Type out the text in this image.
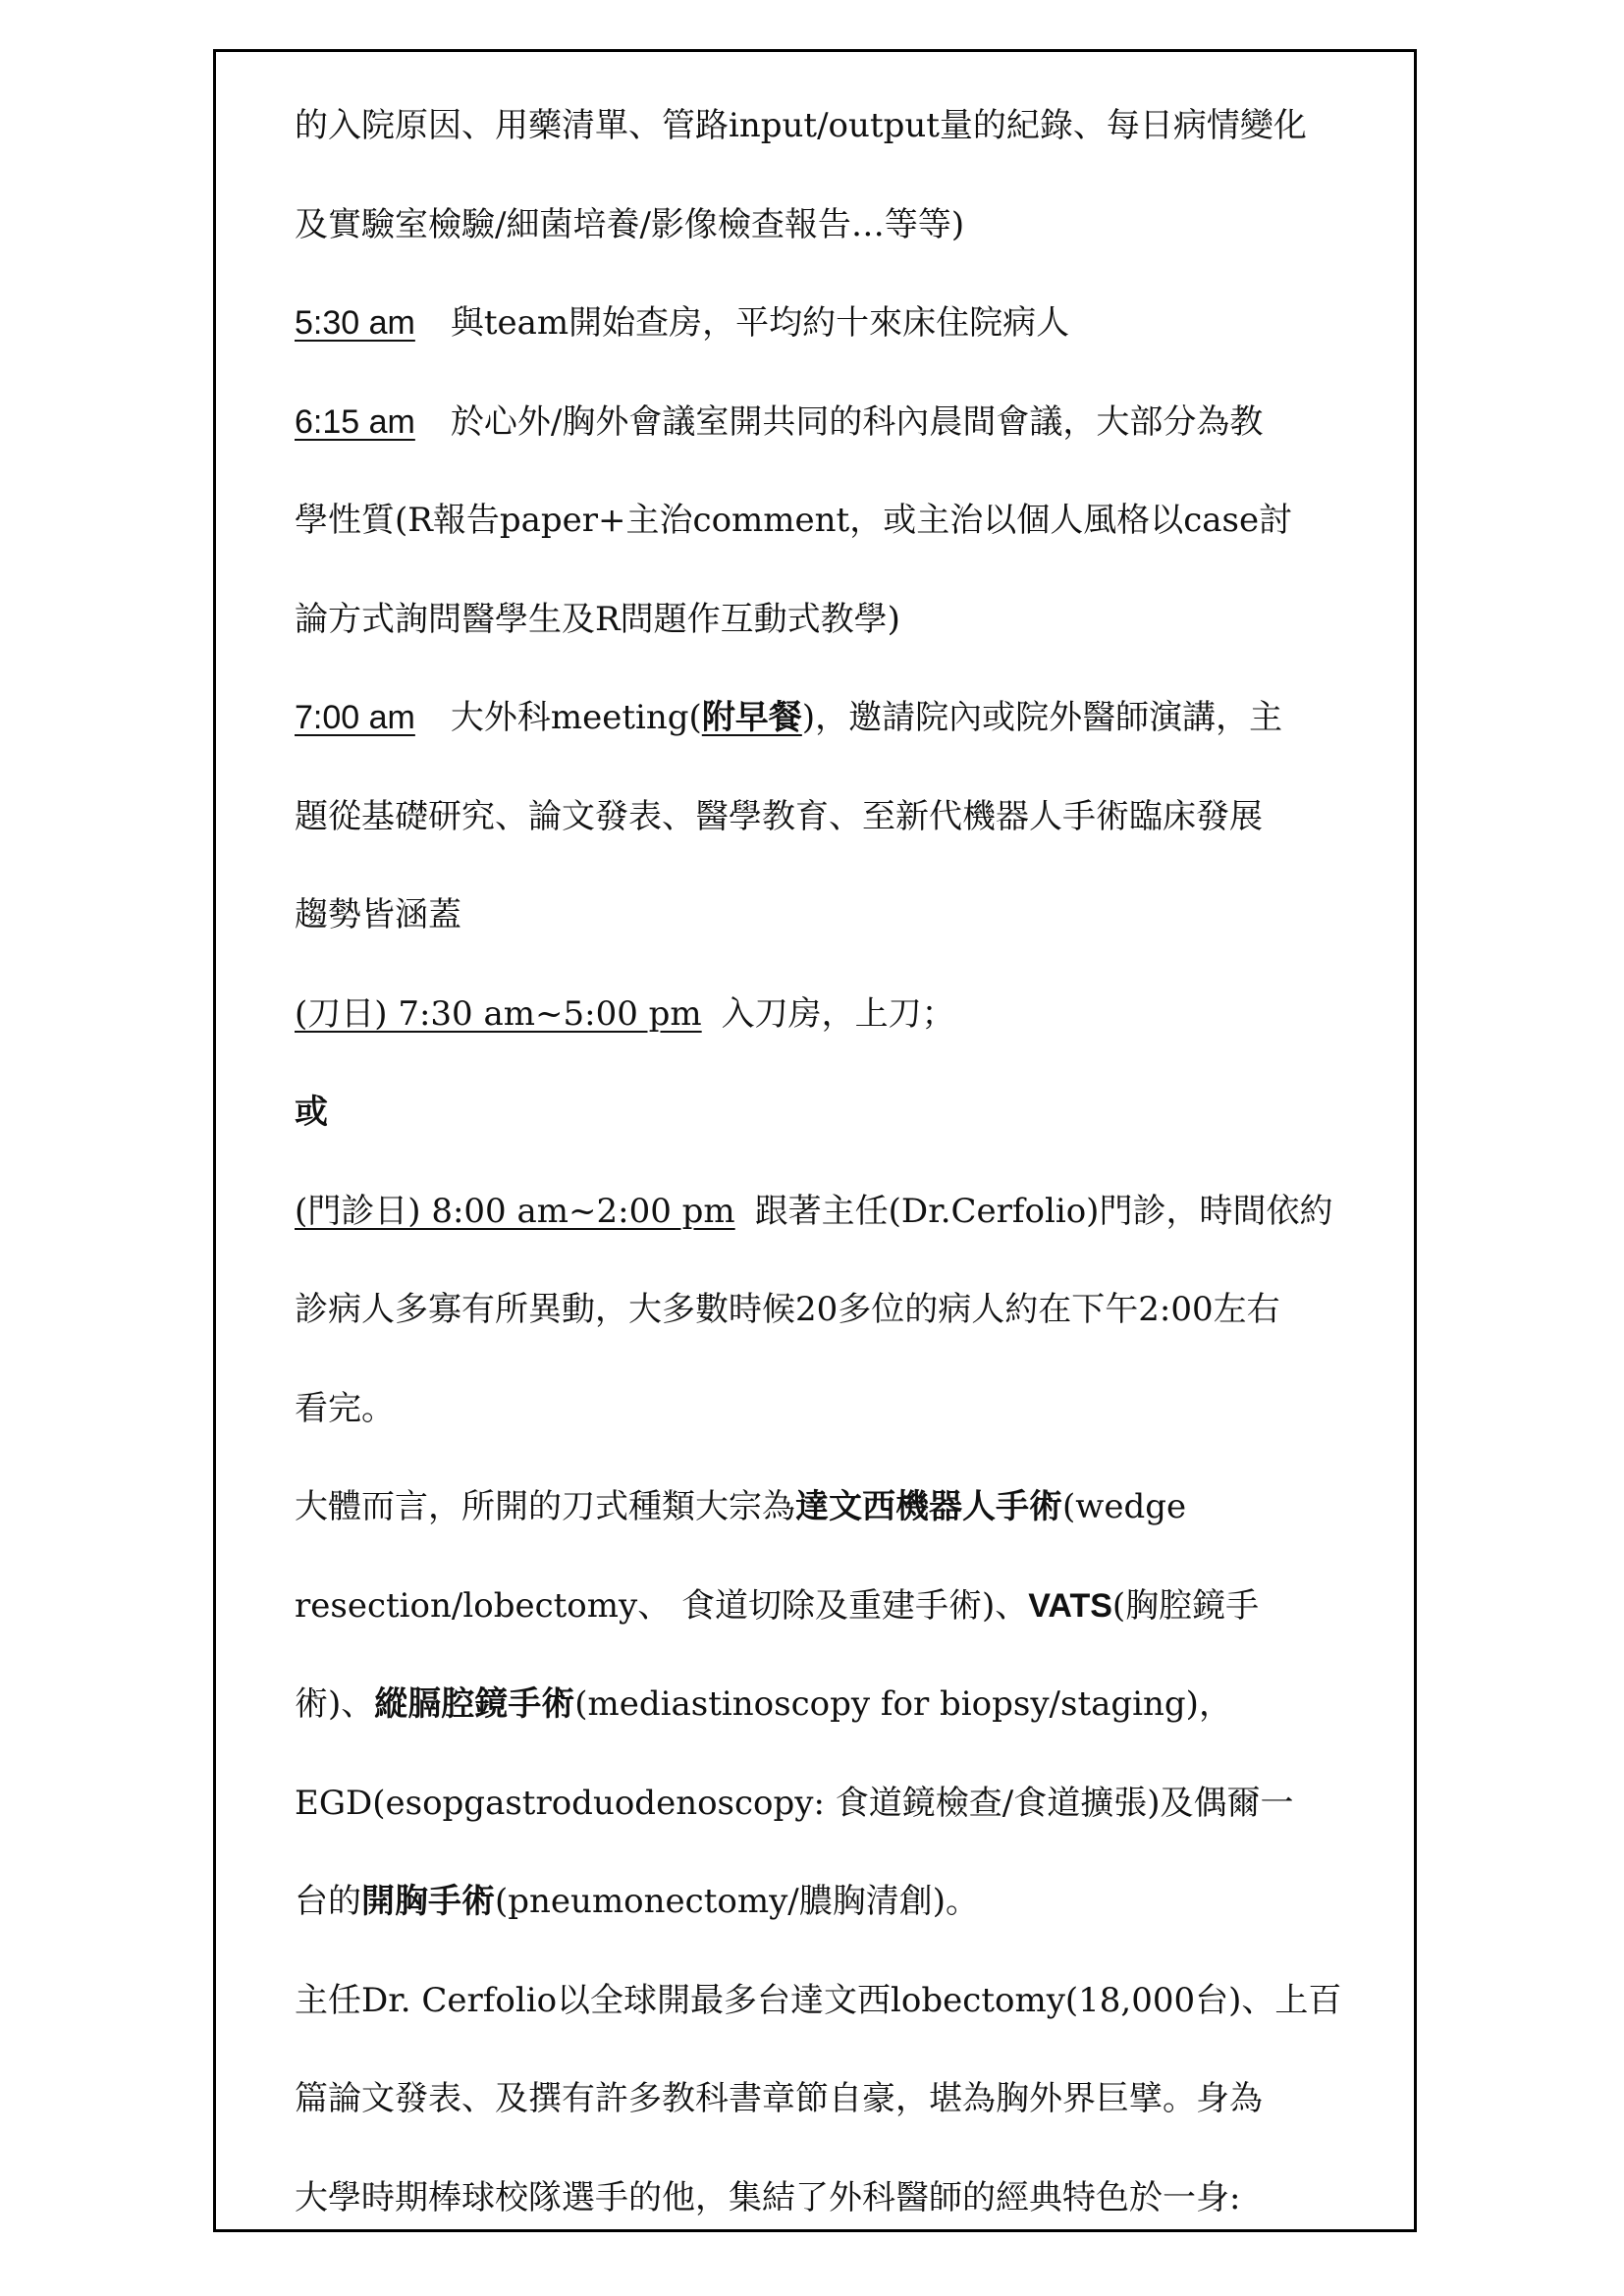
的入院原因、用藥清單、管路input/output量的紀錄、每日病情變化
及實驗室檢驗/細菌培養/影像檢查報告…等等)
5:30 am 與team開始查房，平均約十來床住院病人
6:15 am 於心外/胸外會議室開共同的科內晨間會議，大部分為教
學性質(R報告paper+主治comment，或主治以個人風格以case討
論方式詢問醫學生及R問題作互動式教學)
7:00 am 大外科meeting(附早餐)，邀請院內或院外醫師演講，主
題從基礎研究、論文發表、醫學教育、至新代機器人手術臨床發展
趨勢皆涵蓋
(刀日) 7:30 am~5:00 pm 入刀房，上刀；
或
(門診日) 8:00 am~2:00 pm 跟著主任(Dr.Cerfolio)門診，時間依約
診病人多寡有所異動，大多數時候20多位的病人約在下午2:00左右
看完。
大體而言，所開的刀式種類大宗為達文西機器人手術(wedge
resection/lobectomy、 食道切除及重建手術)、VATS(胸腔鏡手
術)、縱膈腔鏡手術(mediastinoscopy for biopsy/staging)，
EGD(esopgastroduodenoscopy: 食道鏡檢查/食道擴張)及偶爾一
台的開胸手術(pneumonectomy/膿胸清創)。
主任Dr. Cerfolio以全球開最多台達文西lobectomy(18,000台)、上百
篇論文發表、及撰有許多教科書章節自豪，堪為胸外界巨擘。身為
大學時期棒球校隊選手的他，集結了外科醫師的經典特色於一身:
